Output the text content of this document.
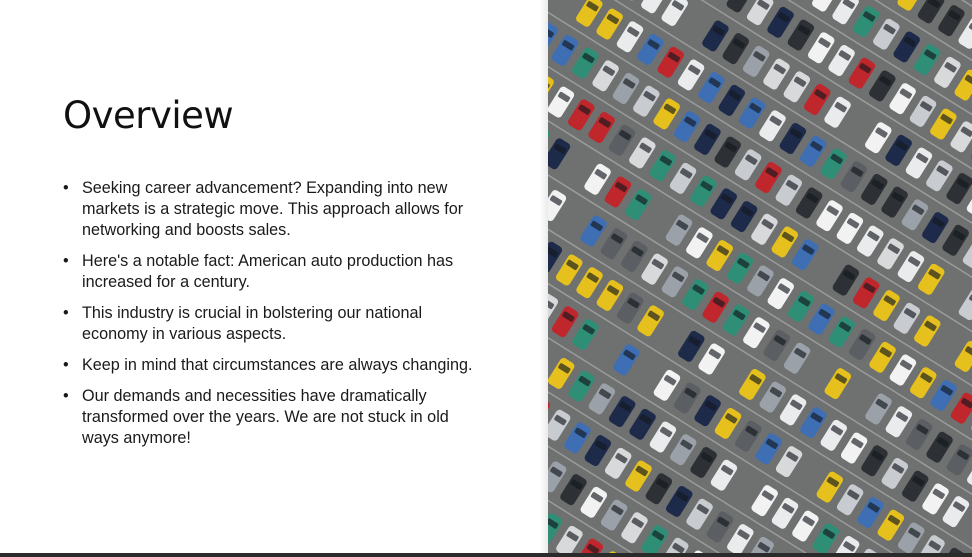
Overview
• Seeking career advancement? Expanding into new markets is a strategic move. This approach allows for networking and boosts sales.
• Here's a notable fact: American auto production has increased for a century.
• This industry is crucial in bolstering our national economy in various aspects.
• Keep in mind that circumstances are always changing.
• Our demands and necessities have dramatically transformed over the years. We are not stuck in old ways anymore!
